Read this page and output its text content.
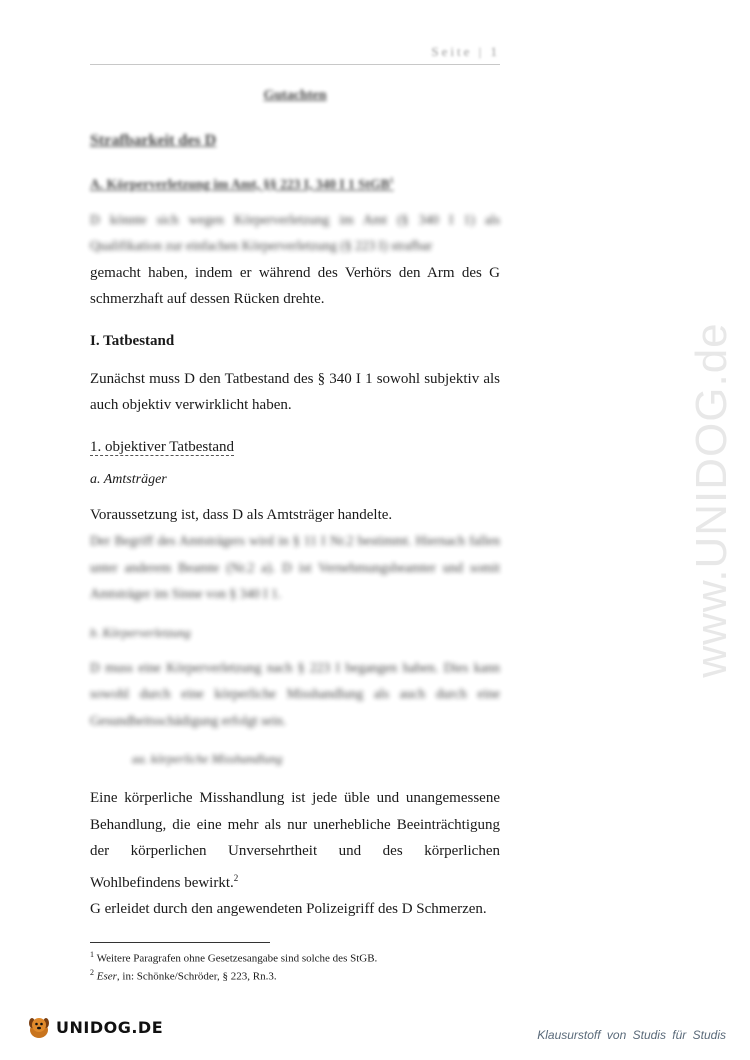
www.UNIDOG.de
Seite | 1
Gutachten
Strafbarkeit des D
A. Körperverletzung im Amt, §§ 223 I, 340 I 1 StGB$^1$

D könnte sich wegen Körperverletzung im Amt (§ 340 I 1) als Qualifikation zur einfachen Körperverletzung (§ 223 I) strafbar

gemacht haben, indem er während des Verhörs den Arm des G schmerzhaft auf dessen Rücken drehte.

I. Tatbestand

Zunächst muss D den Tatbestand des § 340 I 1 sowohl subjektiv als auch objektiv verwirklicht haben.

1. objektiver Tatbestand
a. Amtsträger

Voraussetzung ist, dass D als Amtsträger handelte.

Der Begriff des Amtsträgers wird in § 11 I Nr.2 bestimmt. Hiernach fallen unter anderem Beamte (Nr.2 a). D ist Vernehmungsbeamter und somit Amtsträger im Sinne von § 340 I 1.

b. Körperverletzung

D muss eine Körperverletzung nach § 223 I begangen haben. Dies kann sowohl durch eine körperliche Misshandlung als auch durch eine Gesundheitsschädigung erfolgt sein.

aa. körperliche Misshandlung

Eine körperliche Misshandlung ist jede üble und unangemessene Behandlung, die eine mehr als nur unerhebliche Beeinträchtigung der körperlichen Unversehrtheit und des körperlichen Wohlbefindens bewirkt.$^2$

G erleidet durch den angewendeten Polizeigriff des D Schmerzen.

$^1$ Weitere Paragrafen ohne Gesetzesangabe sind solche des StGB.
$^2$ Eser, in: Schönke/Schröder, § 223, Rn.3.
UNIDOG.DE	Klausurstoff von Studis für Studis
